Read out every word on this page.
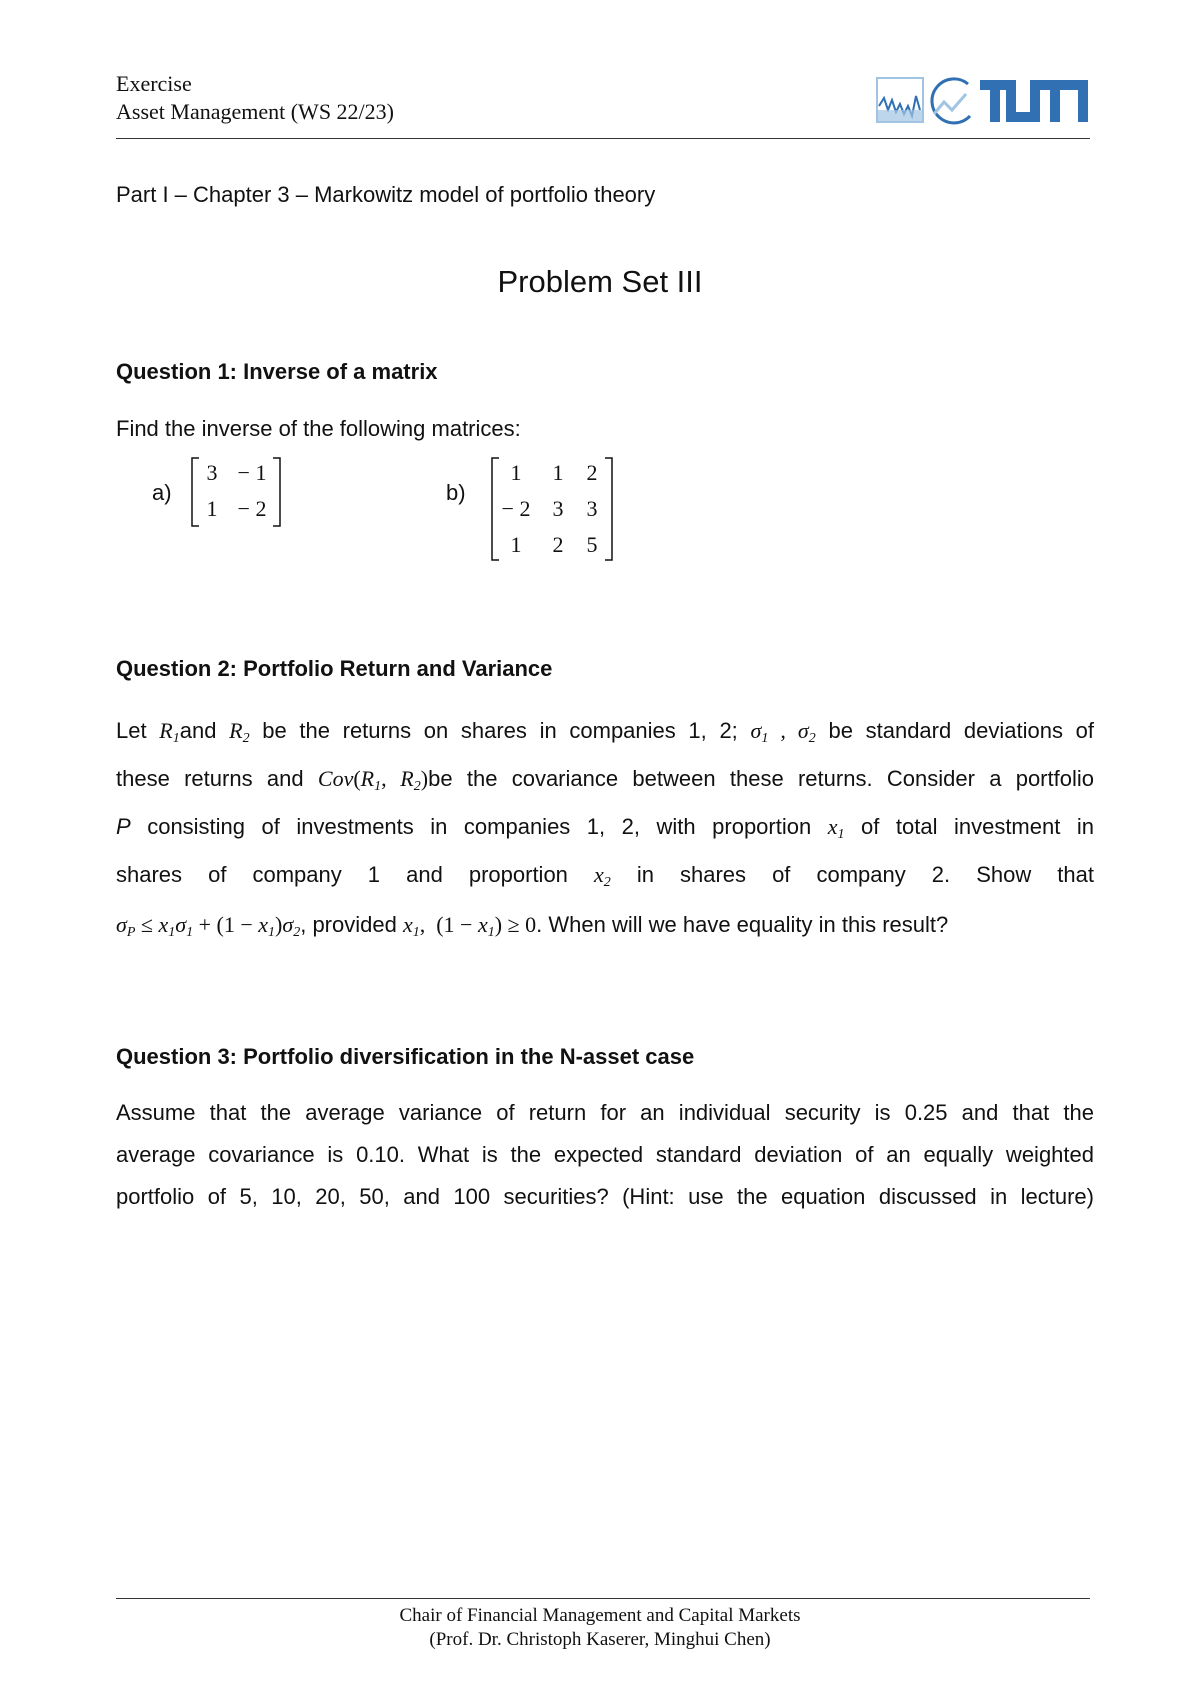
Exercise
Asset Management (WS 22/23)
Part I – Chapter 3 – Markowitz model of portfolio theory
Problem Set III
Question 1: Inverse of a matrix
Find the inverse of the following matrices:
a)
3 − 1
1 − 2
b)
1	1	2
− 2	3	3
1	2	5
Question 2: Portfolio Return and Variance
Let $R_1and$ $R_2$ be the returns on shares in companies 1, 2; $\sigma_1$ , $\sigma_2$ be standard deviations of
these returns and $Cov(R_1$, $R_2)be$ the covariance between these returns. Consider a portfolio
P consisting of investments in companies 1, 2, with proportion $x_1$ of total investment in
shares of company 1 and proportion $x_2$ in shares of company 2. Show that
$\sigma_P \le x_1\sigma_1 + (1 - x_1)\sigma_2$, provided $x_1$,  $(1 - x_1) \ge 0$. When will we have equality in this result?
Question 3: Portfolio diversification in the N-asset case
Assume that the average variance of return for an individual security is 0.25 and that the
average covariance is 0.10. What is the expected standard deviation of an equally weighted
portfolio of 5, 10, 20, 50, and 100 securities? (Hint: use the equation discussed in lecture)
Chair of Financial Management and Capital Markets
(Prof. Dr. Christoph Kaserer, Minghui Chen)
